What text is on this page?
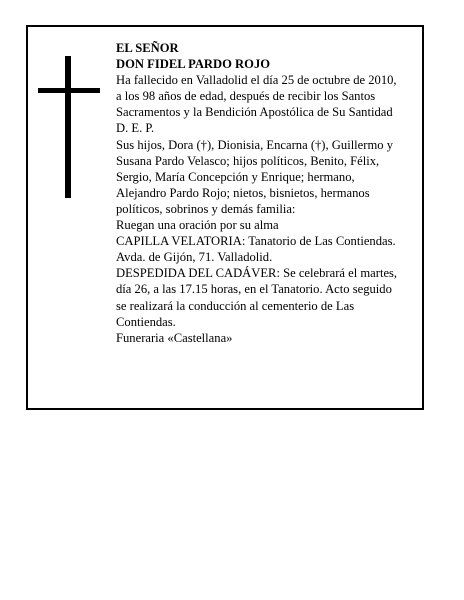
EL SEÑOR
DON FIDEL PARDO ROJO
Ha fallecido en Valladolid el día 25 de octubre de 2010,
a los 98 años de edad, después de recibir los Santos
Sacramentos y la Bendición Apostólica de Su Santidad
D. E. P.
Sus hijos, Dora (†), Dionisia, Encarna (†), Guillermo y
Susana Pardo Velasco; hijos políticos, Benito, Félix,
Sergio, María Concepción y Enrique; hermano,
Alejandro Pardo Rojo; nietos, bisnietos, hermanos
políticos, sobrinos y demás familia:
Ruegan una oración por su alma
CAPILLA VELATORIA: Tanatorio de Las Contiendas.
Avda. de Gijón, 71. Valladolid.
DESPEDIDA DEL CADÁVER: Se celebrará el martes,
día 26, a las 17.15 horas, en el Tanatorio. Acto seguido
se realizará la conducción al cementerio de Las
Contiendas.
Funeraria «Castellana»
